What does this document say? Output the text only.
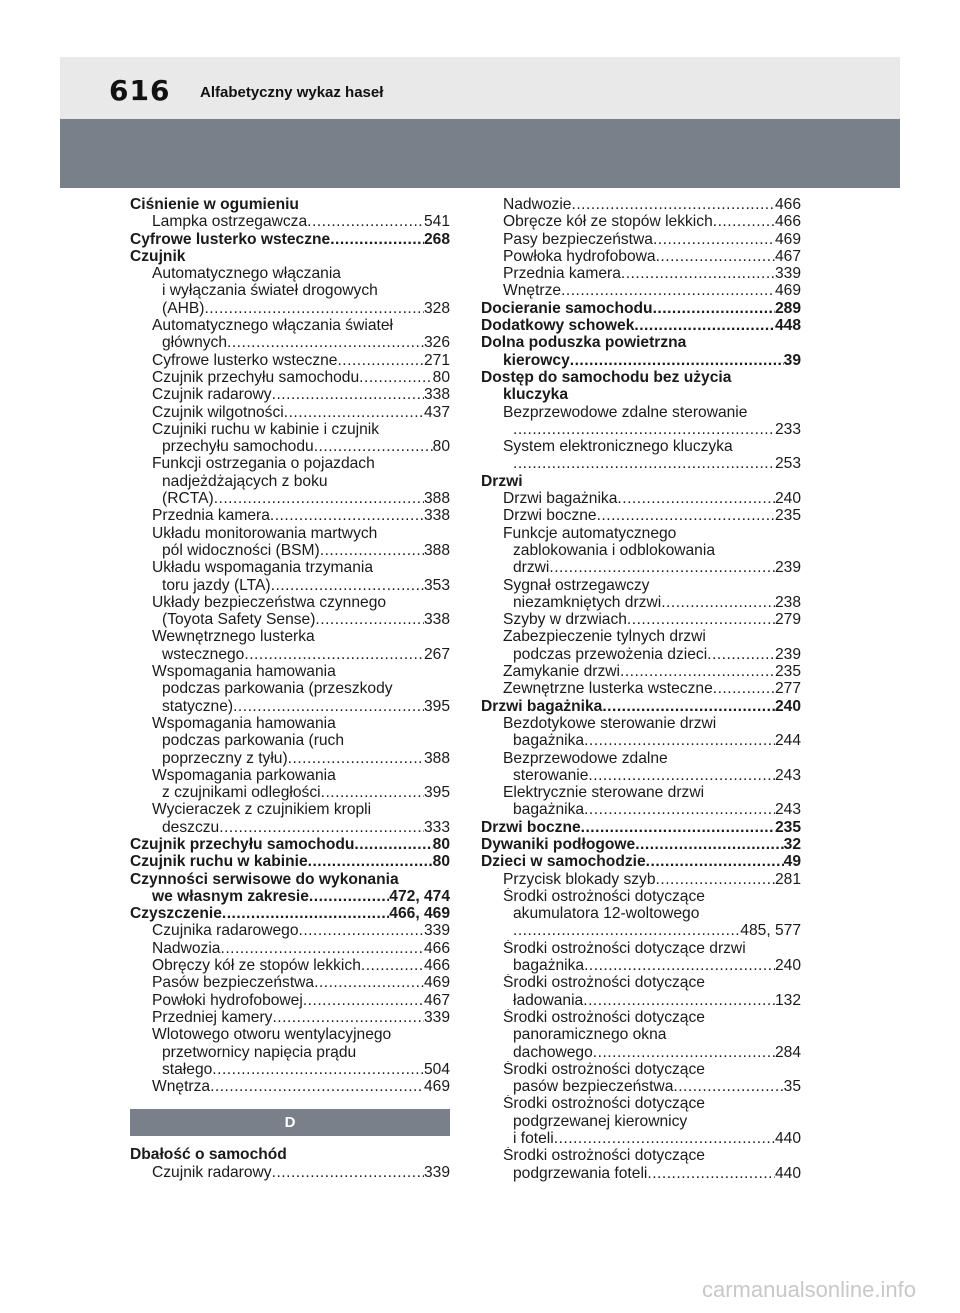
616 Alfabetyczny wykaz haseł
Ciśnienie w ogumieniu
Lampka ostrzegawcza .....	541
Cyfrowe lusterko wsteczne .....	268
Czujnik
Automatycznego włączania
i wyłączania świateł drogowych
(AHB) .....	328
Automatycznego włączania świateł
głównych .....	326
Cyfrowe lusterko wsteczne .....	271
Czujnik przechyłu samochodu .....	80
Czujnik radarowy .....	338
Czujnik wilgotności .....	437
Czujniki ruchu w kabinie i czujnik
przechyłu samochodu .....	80
Funkcji ostrzegania o pojazdach
nadjeżdżających z boku
(RCTA) .....	388
Przednia kamera .....	338
Układu monitorowania martwych
pól widoczności (BSM) .....	388
Układu wspomagania trzymania
toru jazdy (LTA) .....	353
Układy bezpieczeństwa czynnego
(Toyota Safety Sense) .....	338
Wewnętrznego lusterka
wstecznego .....	267
Wspomagania hamowania
podczas parkowania (przeszkody
statyczne) .....	395
Wspomagania hamowania
podczas parkowania (ruch
poprzeczny z tyłu) .....	388
Wspomagania parkowania
z czujnikami odległości .....	395
Wycieraczek z czujnikiem kropli
deszczu .....	333
Czujnik przechyłu samochodu .....	80
Czujnik ruchu w kabinie .....	80
Czynności serwisowe do wykonania
we własnym zakresie .....	472, 474
Czyszczenie .....	466, 469
Czujnika radarowego .....	339
Nadwozia .....	466
Obręczy kół ze stopów lekkich .....	466
Pasów bezpieczeństwa .....	469
Powłoki hydrofobowej .....	467
Przedniej kamery .....	339
Wlotowego otworu wentylacyjnego
przetwornicy napięcia prądu
stałego .....	504
Wnętrza .....	469
D
Dbałość o samochód
Czujnik radarowy .....	339
Nadwozie .....	466
Obręcze kół ze stopów lekkich .....	466
Pasy bezpieczeństwa .....	469
Powłoka hydrofobowa .....	467
Przednia kamera .....	339
Wnętrze .....	469
Docieranie samochodu .....	289
Dodatkowy schowek .....	448
Dolna poduszka powietrzna
kierowcy .....	39
Dostęp do samochodu bez użycia
kluczyka
Bezprzewodowe zdalne sterowanie
.....
233
System elektronicznego kluczyka
.....
253
Drzwi
Drzwi bagażnika .....	240
Drzwi boczne .....	235
Funkcje automatycznego
zablokowania i odblokowania
drzwi .....	239
Sygnał ostrzegawczy
niezamkniętych drzwi .....	238
Szyby w drzwiach .....	279
Zabezpieczenie tylnych drzwi
podczas przewożenia dzieci .....	239
Zamykanie drzwi .....	235
Zewnętrzne lusterka wsteczne .....	277
Drzwi bagażnika .....	240
Bezdotykowe sterowanie drzwi
bagażnika .....	244
Bezprzewodowe zdalne
sterowanie .....	243
Elektrycznie sterowane drzwi
bagażnika .....	243
Drzwi boczne .....	235
Dywaniki podłogowe .....	32
Dzieci w samochodzie .....	49
Przycisk blokady szyb .....	281
Środki ostrożności dotyczące
akumulatora 12-woltowego
.....
485, 577
Środki ostrożności dotyczące drzwi
bagażnika .....	240
Środki ostrożności dotyczące
ładowania .....	132
Środki ostrożności dotyczące
panoramicznego okna
dachowego .....	284
Środki ostrożności dotyczące
pasów bezpieczeństwa .....	35
Środki ostrożności dotyczące
podgrzewanej kierownicy
i foteli .....	440
Środki ostrożności dotyczące
podgrzewania foteli .....	440
carmanualsonline.info
